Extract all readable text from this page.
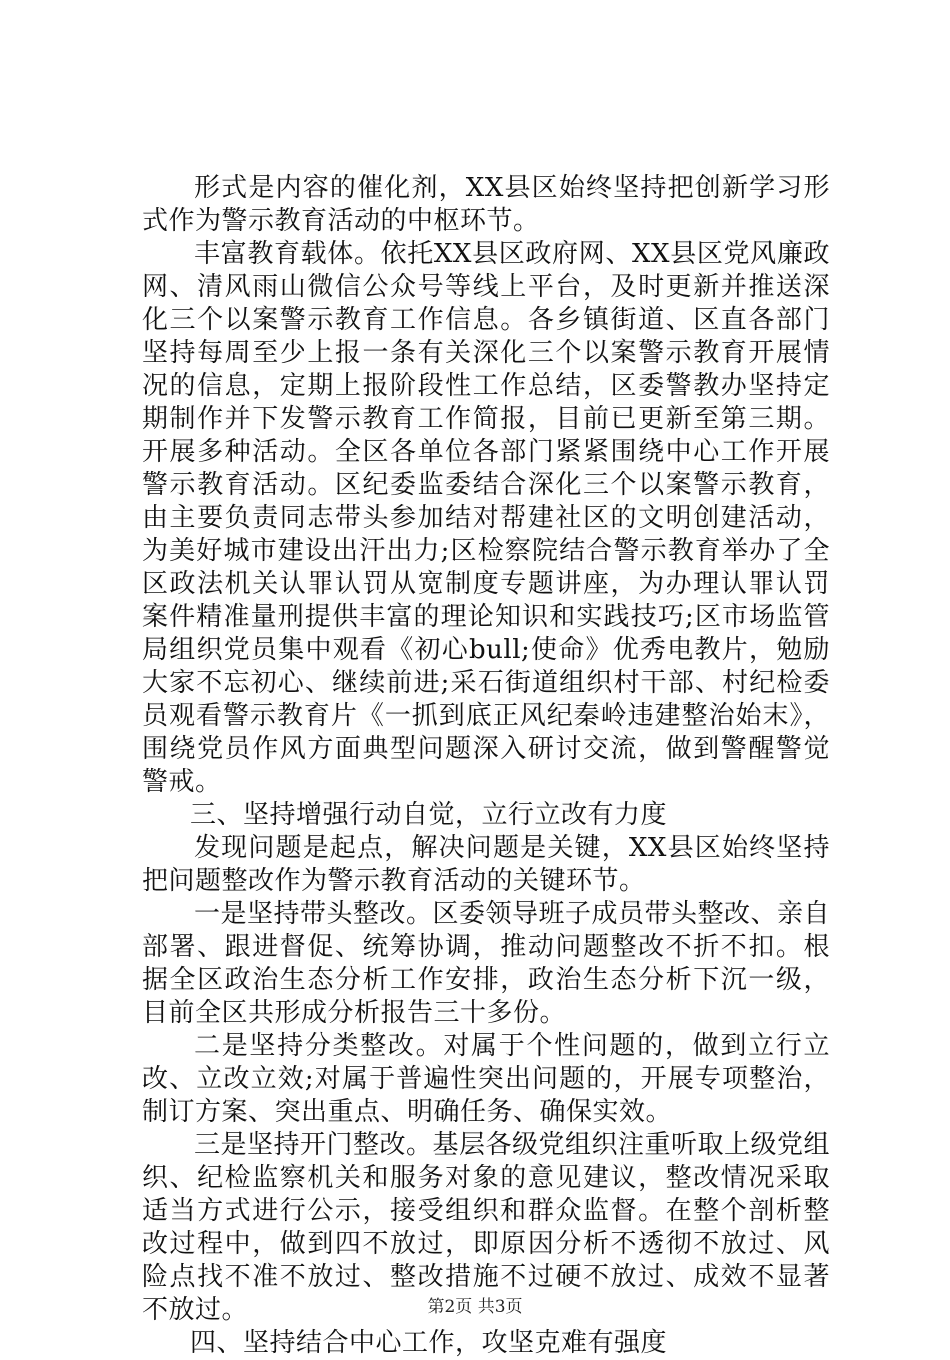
形式是内容的催化剂，XX县区始终坚持把创新学习形式作为警示教育活动的中枢环节。

丰富教育载体。依托XX县区政府网、XX县区党风廉政网、清风雨山微信公众号等线上平台，及时更新并推送深化三个以案警示教育工作信息。各乡镇街道、区直各部门坚持每周至少上报一条有关深化三个以案警示教育开展情况的信息，定期上报阶段性工作总结，区委警教办坚持定期制作并下发警示教育工作简报，目前已更新至第三期。开展多种活动。全区各单位各部门紧紧围绕中心工作开展警示教育活动。区纪委监委结合深化三个以案警示教育，由主要负责同志带头参加结对帮建社区的文明创建活动，为美好城市建设出汗出力;区检察院结合警示教育举办了全区政法机关认罪认罚从宽制度专题讲座，为办理认罪认罚案件精准量刑提供丰富的理论知识和实践技巧;区市场监管局组织党员集中观看《初心bull;使命》优秀电教片，勉励大家不忘初心、继续前进;采石街道组织村干部、村纪检委员观看警示教育片《一抓到底正风纪秦岭违建整治始末》，围绕党员作风方面典型问题深入研讨交流，做到警醒警觉警戒。

三、坚持增强行动自觉，立行立改有力度

发现问题是起点，解决问题是关键，XX县区始终坚持把问题整改作为警示教育活动的关键环节。

一是坚持带头整改。区委领导班子成员带头整改、亲自部署、跟进督促、统筹协调，推动问题整改不折不扣。根据全区政治生态分析工作安排，政治生态分析下沉一级，目前全区共形成分析报告三十多份。

二是坚持分类整改。对属于个性问题的，做到立行立改、立改立效;对属于普遍性突出问题的，开展专项整治，制订方案、突出重点、明确任务、确保实效。

三是坚持开门整改。基层各级党组织注重听取上级党组织、纪检监察机关和服务对象的意见建议，整改情况采取适当方式进行公示，接受组织和群众监督。在整个剖析整改过程中，做到四不放过，即原因分析不透彻不放过、风险点找不准不放过、整改措施不过硬不放过、成效不显著不放过。

四、坚持结合中心工作，攻坚克难有强度

第2页 共3页
